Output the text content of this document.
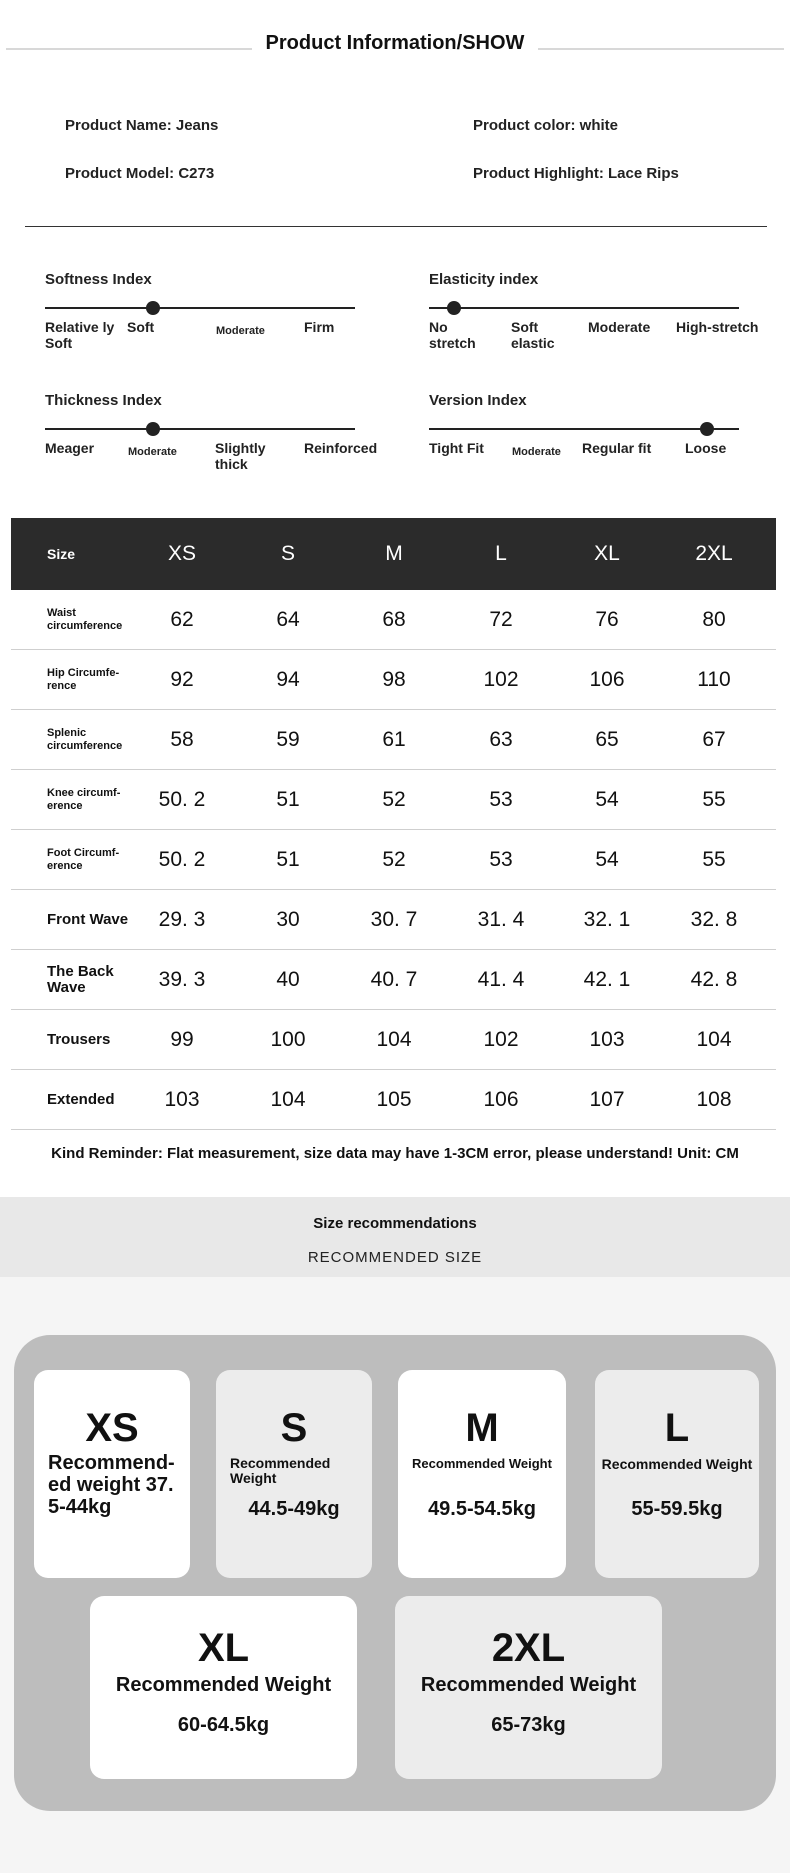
Product Information/SHOW
Product Name: Jeans	Product color: white
Product Model: C273	Product Highlight: Lace Rips
Softness Index
Relative ly Soft
Soft	Moderate	Firm
Elasticity index
No stretch
Soft elastic
Moderate High-stretch
Thickness Index
Meager	Moderate	Slightly thick
Reinforced
Version Index
Tight Fit	Moderate Regular fit Loose
Size	XS	S	M	L	XL	2XL
Waist circumference	62	64	68	72	76	80
Hip Circumfe-rence	92	94	98	102	106	110
Splenic circumference	58	59	61	63	65	67
Knee circumf-erence	50. 2	51	52	53	54	55
Foot Circumf-erence	50. 2	51	52	53	54	55
Front Wave	29. 3	30	30. 7	31. 4	32. 1	32. 8
The Back Wave	39. 3	40	40. 7	41. 4	42. 1	42. 8
Trousers	99	100	104	102	103	104
Extended	103	104	105	106	107	108
Kind Reminder: Flat measurement, size data may have 1-3CM error, please understand! Unit: CM
Size recommendations
RECOMMENDED SIZE
XS
Recommend-ed weight 37. 5-44kg
S
Recommended Weight
44.5-49kg
M
Recommended Weight
49.5-54.5kg
L
Recommended Weight
55-59.5kg
XL
Recommended Weight
60-64.5kg
2XL
Recommended Weight
65-73kg
